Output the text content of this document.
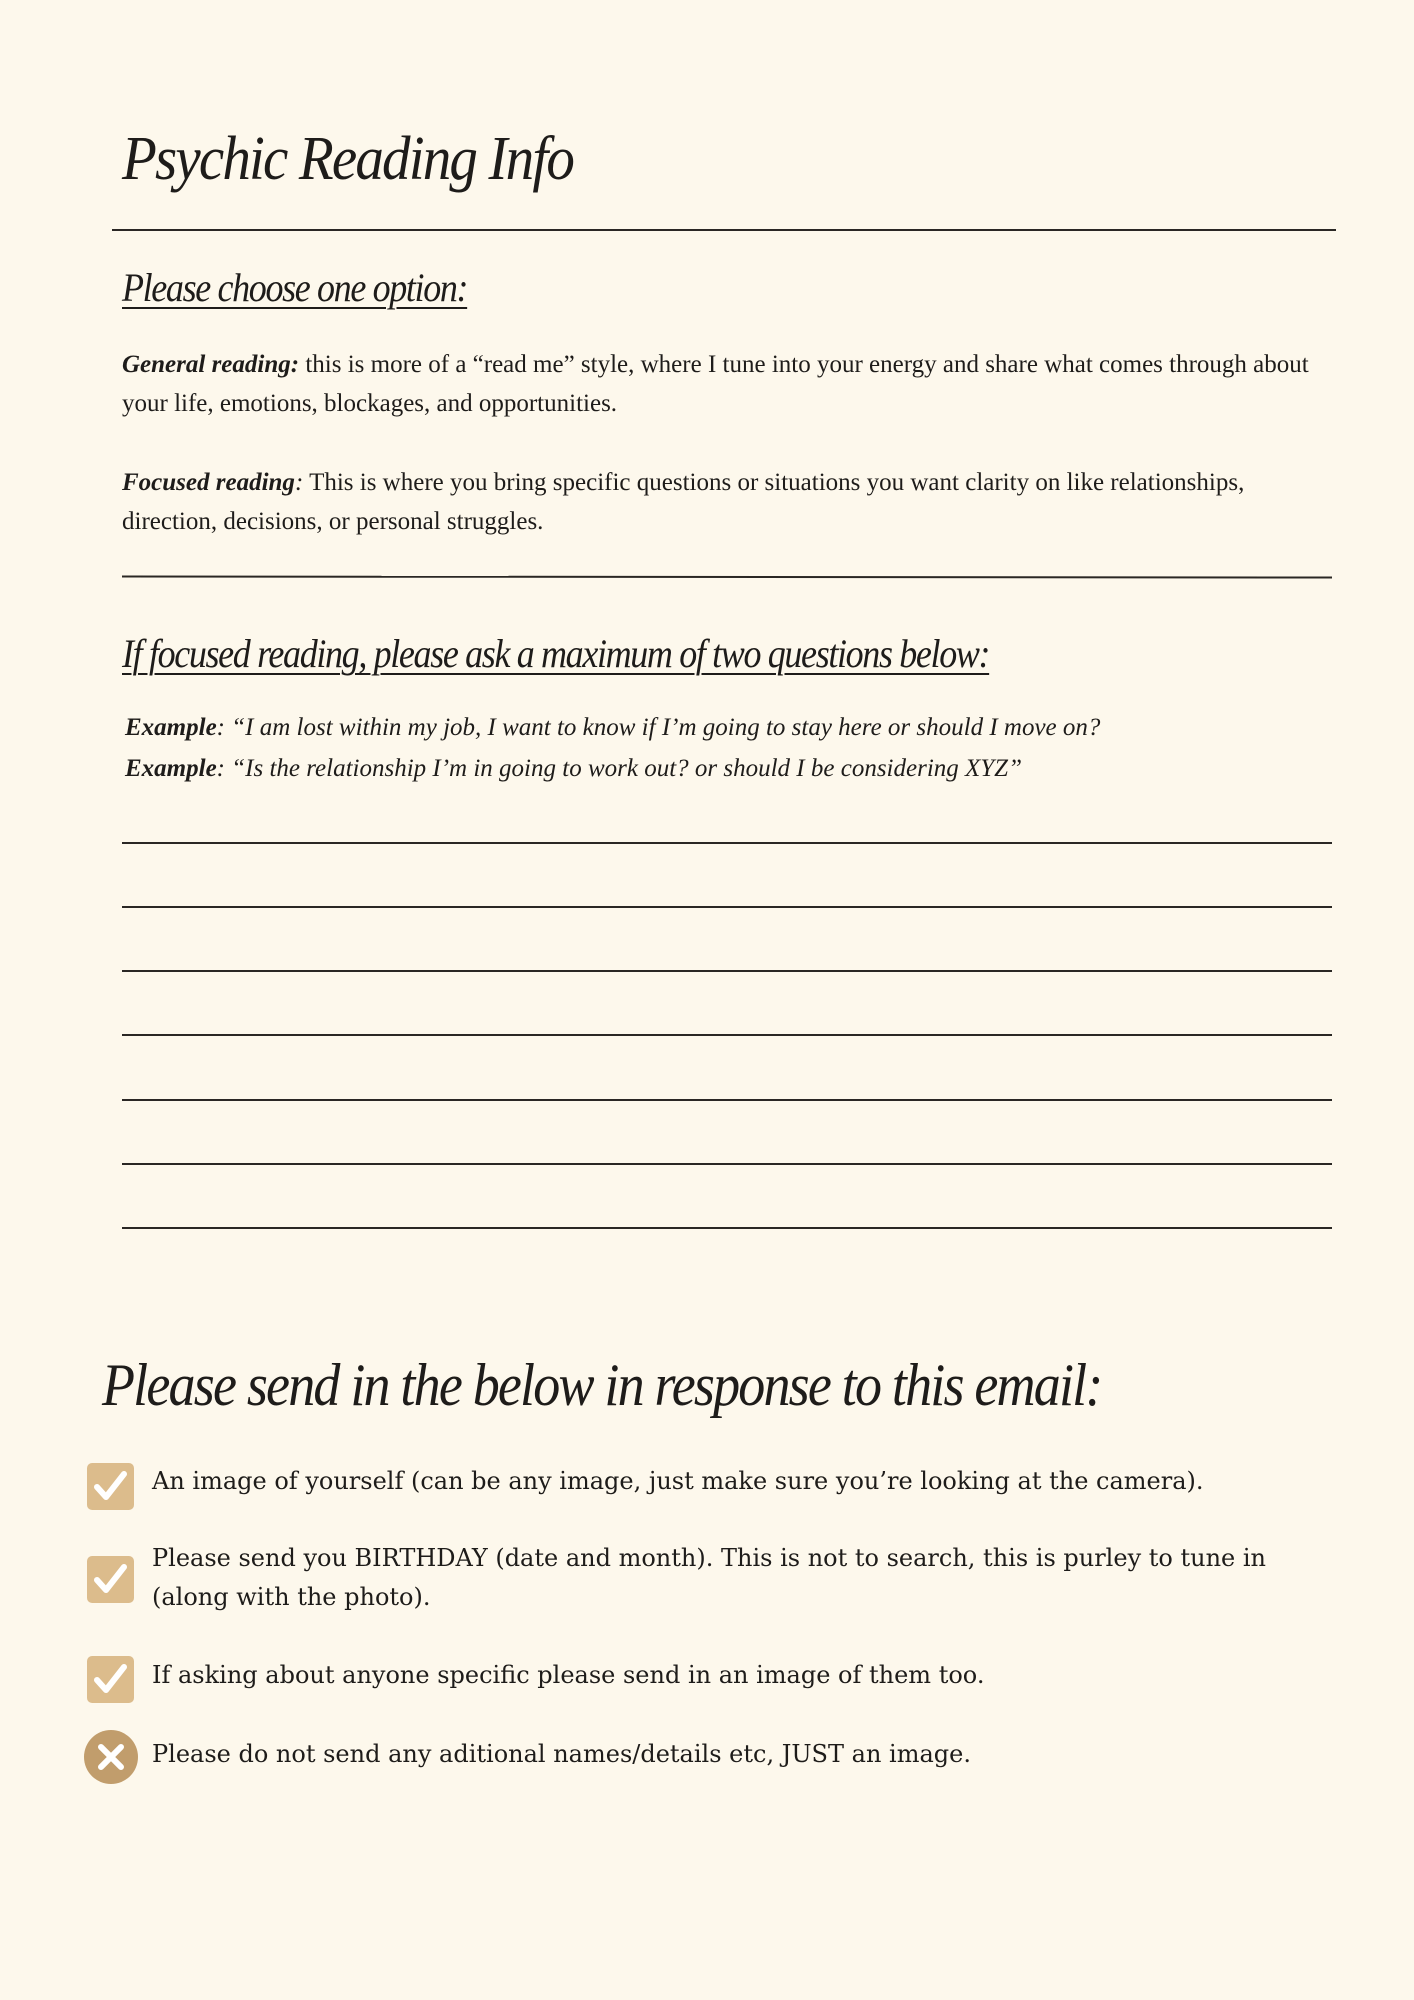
Psychic Reading Info
Please choose one option:
General reading: this is more of a “read me” style, where I tune into your energy and share what comes through about your life, emotions, blockages, and opportunities.
Focused reading: This is where you bring specific questions or situations you want clarity on like relationships, direction, decisions, or personal struggles.
If focused reading, please ask a maximum of two questions below:
Example: “I am lost within my job, I want to know if I’m going to stay here or should I move on?
Example: “Is the relationship I’m in going to work out? or should I be considering XYZ”
Please send in the below in response to this email:
An image of yourself (can be any image, just make sure you’re looking at the camera).
Please send you BIRTHDAY (date and month). This is not to search, this is purley to tune in (along with the photo).
If asking about anyone specific please send in an image of them too.
Please do not send any aditional names/details etc, JUST an image.
